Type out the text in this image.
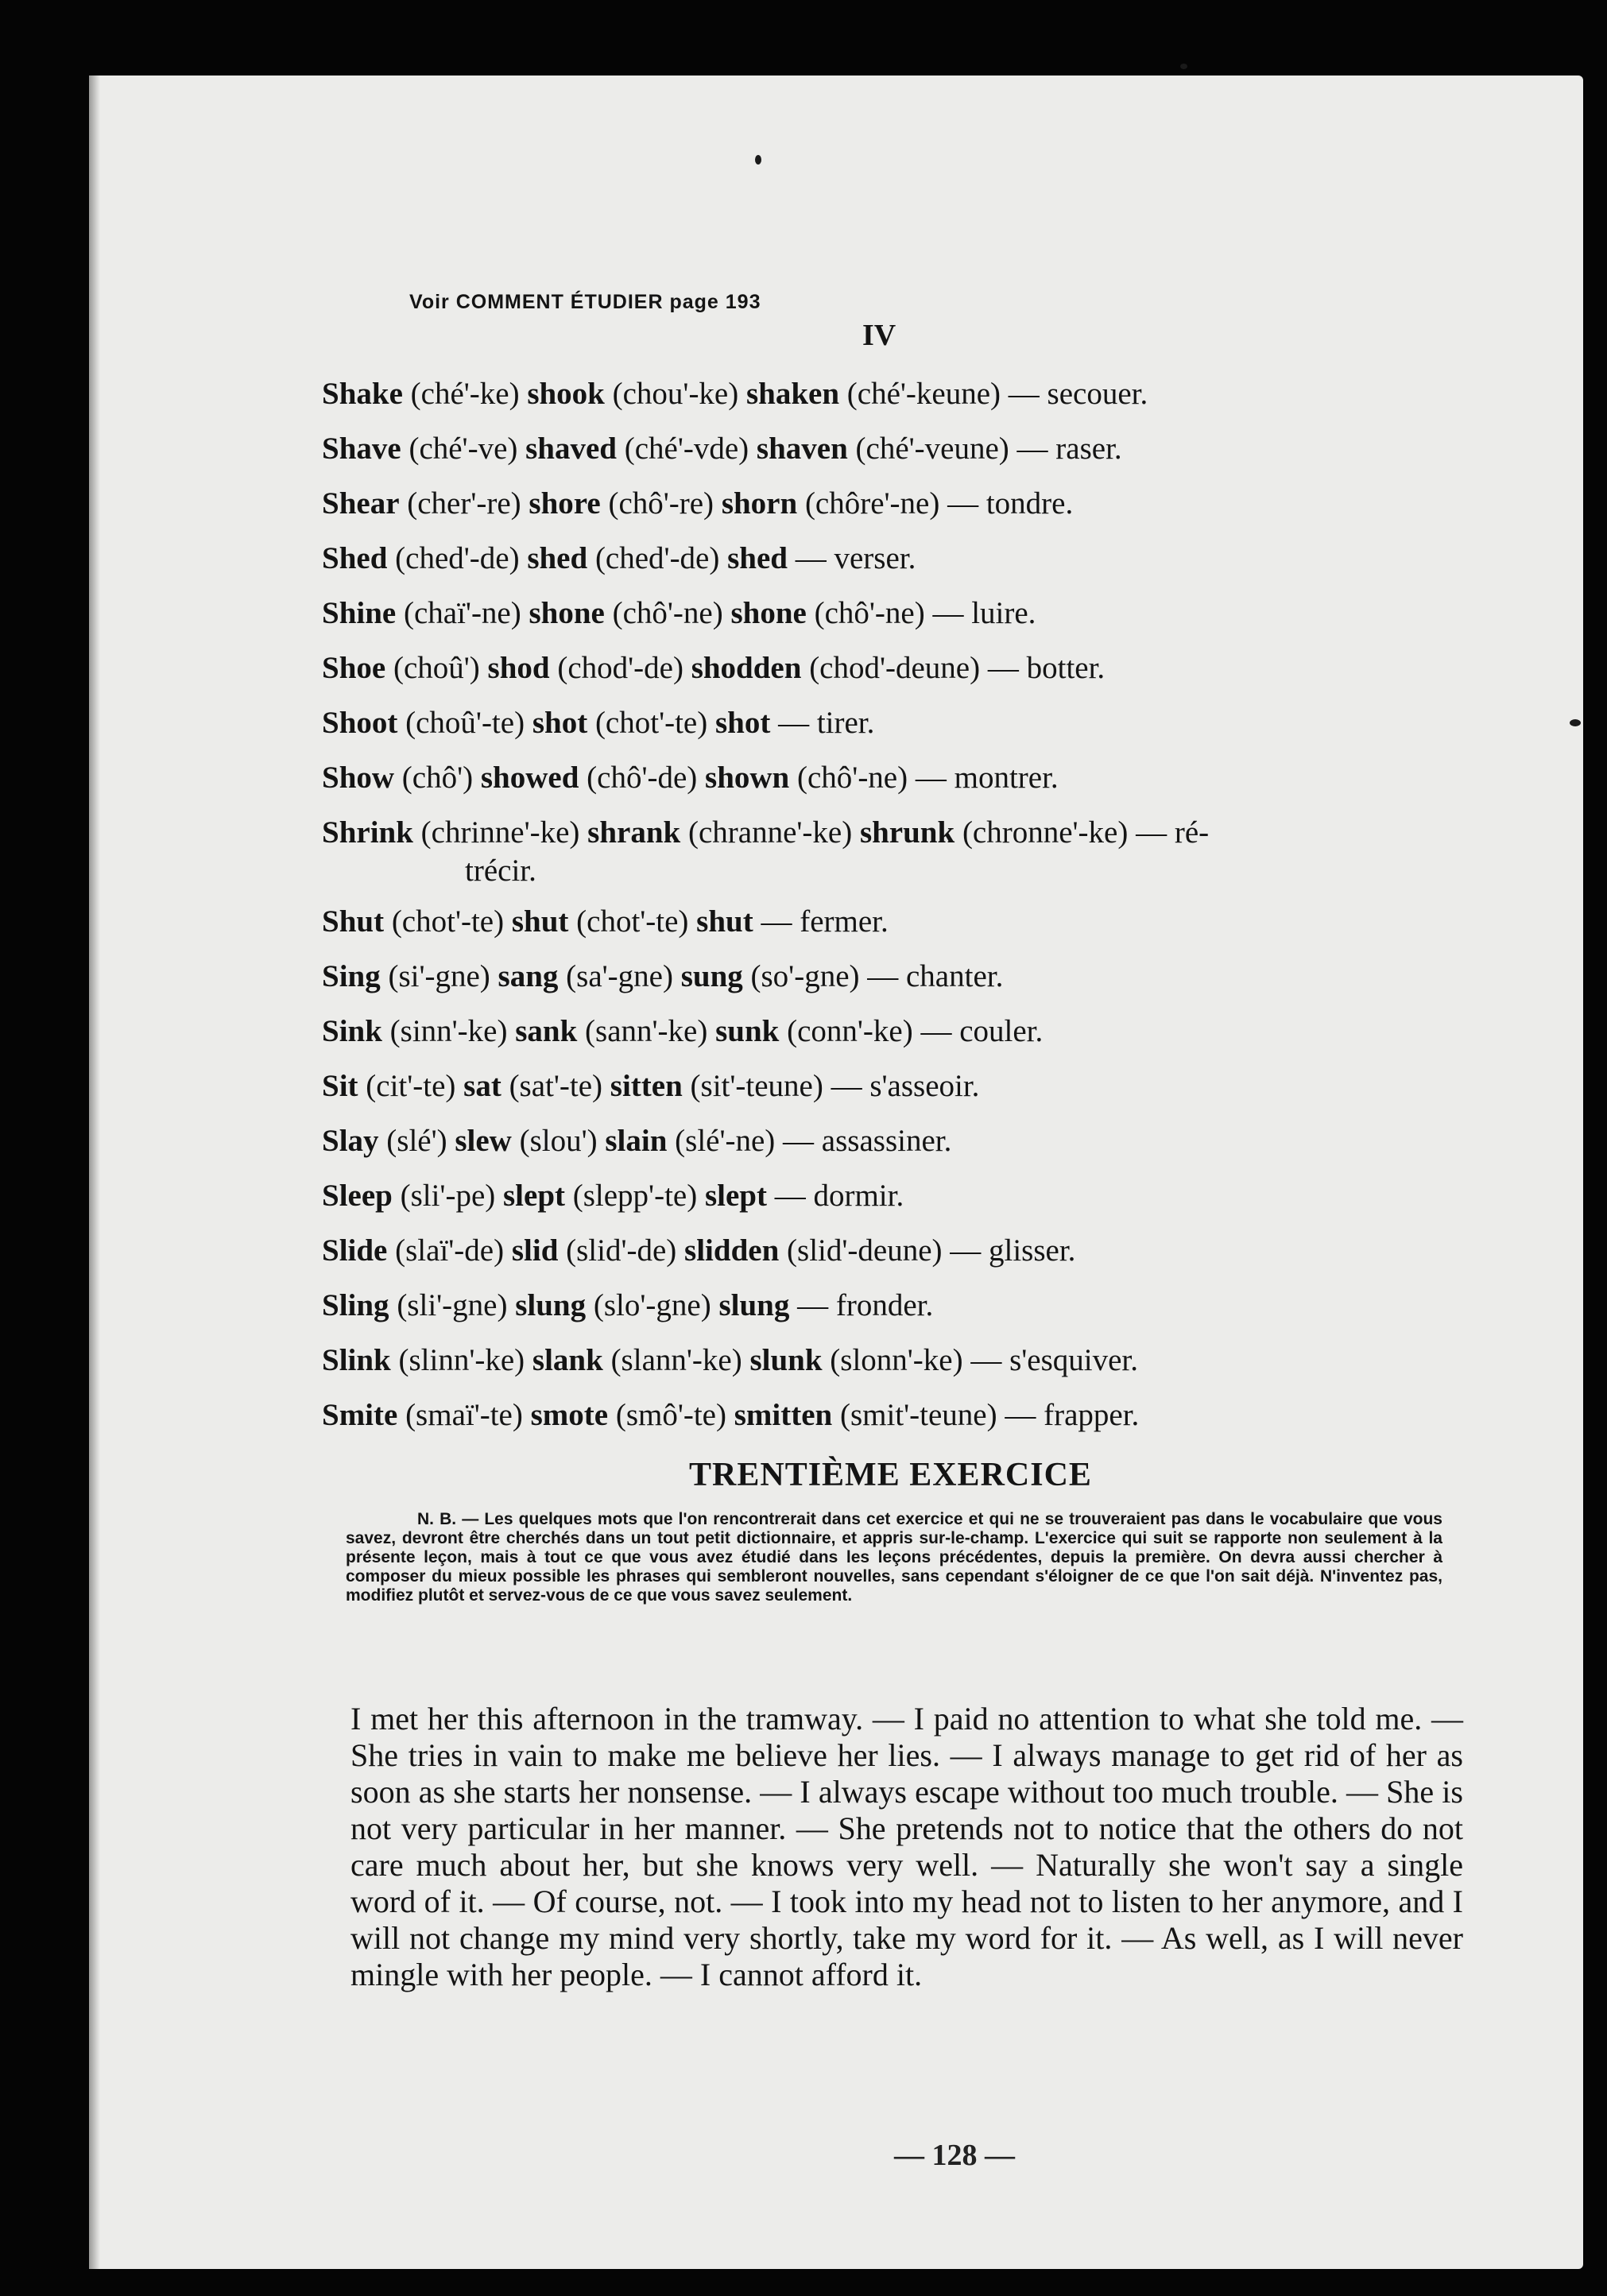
Voir COMMENT ÉTUDIER page 193
IV
Shake (ché'-ke) shook (chou'-ke) shaken (ché'-keune) — secouer.
Shave (ché'-ve) shaved (ché'-vde) shaven (ché'-veune) — raser.
Shear (cher'-re) shore (chô'-re) shorn (chôre'-ne) — tondre.
Shed (ched'-de) shed (ched'-de) shed — verser.
Shine (chaï'-ne) shone (chô'-ne) shone (chô'-ne) — luire.
Shoe (choû') shod (chod'-de) shodden (chod'-deune) — botter.
Shoot (choû'-te) shot (chot'-te) shot — tirer.
Show (chô') showed (chô'-de) shown (chô'-ne) — montrer.
Shrink (chrinne'-ke) shrank (chranne'-ke) shrunk (chronne'-ke) — ré-
trécir.
Shut (chot'-te) shut (chot'-te) shut — fermer.
Sing (si'-gne) sang (sa'-gne) sung (so'-gne) — chanter.
Sink (sinn'-ke) sank (sann'-ke) sunk (conn'-ke) — couler.
Sit (cit'-te) sat (sat'-te) sitten (sit'-teune) — s'asseoir.
Slay (slé') slew (slou') slain (slé'-ne) — assassiner.
Sleep (sli'-pe) slept (slepp'-te) slept — dormir.
Slide (slaï'-de) slid (slid'-de) slidden (slid'-deune) — glisser.
Sling (sli'-gne) slung (slo'-gne) slung — fronder.
Slink (slinn'-ke) slank (slann'-ke) slunk (slonn'-ke) — s'esquiver.
Smite (smaï'-te) smote (smô'-te) smitten (smit'-teune) — frapper.
TRENTIÈME EXERCICE
N. B. — Les quelques mots que l'on rencontrerait dans cet exercice et qui ne se trouveraient pas dans le vocabulaire que vous savez, devront être cherchés dans un tout petit dictionnaire, et appris sur-le-champ. L'exercice qui suit se rapporte non seulement à la présente leçon, mais à tout ce que vous avez étudié dans les leçons précédentes, depuis la première. On devra aussi chercher à composer du mieux possible les phrases qui sembleront nouvelles, sans cependant s'éloigner de ce que l'on sait déjà. N'inventez pas, modifiez plutôt et servez-vous de ce que vous savez seulement.
I met her this afternoon in the tramway. — I paid no attention to what she told me. — She tries in vain to make me believe her lies. — I always manage to get rid of her as soon as she starts her nonsense. — I always escape without too much trouble. — She is not very particular in her manner. — She pretends not to notice that the others do not care much about her, but she knows very well. — Naturally she won't say a single word of it. — Of course, not. — I took into my head not to listen to her anymore, and I will not change my mind very shortly, take my word for it. — As well, as I will never mingle with her people. — I cannot afford it.
— 128 —
